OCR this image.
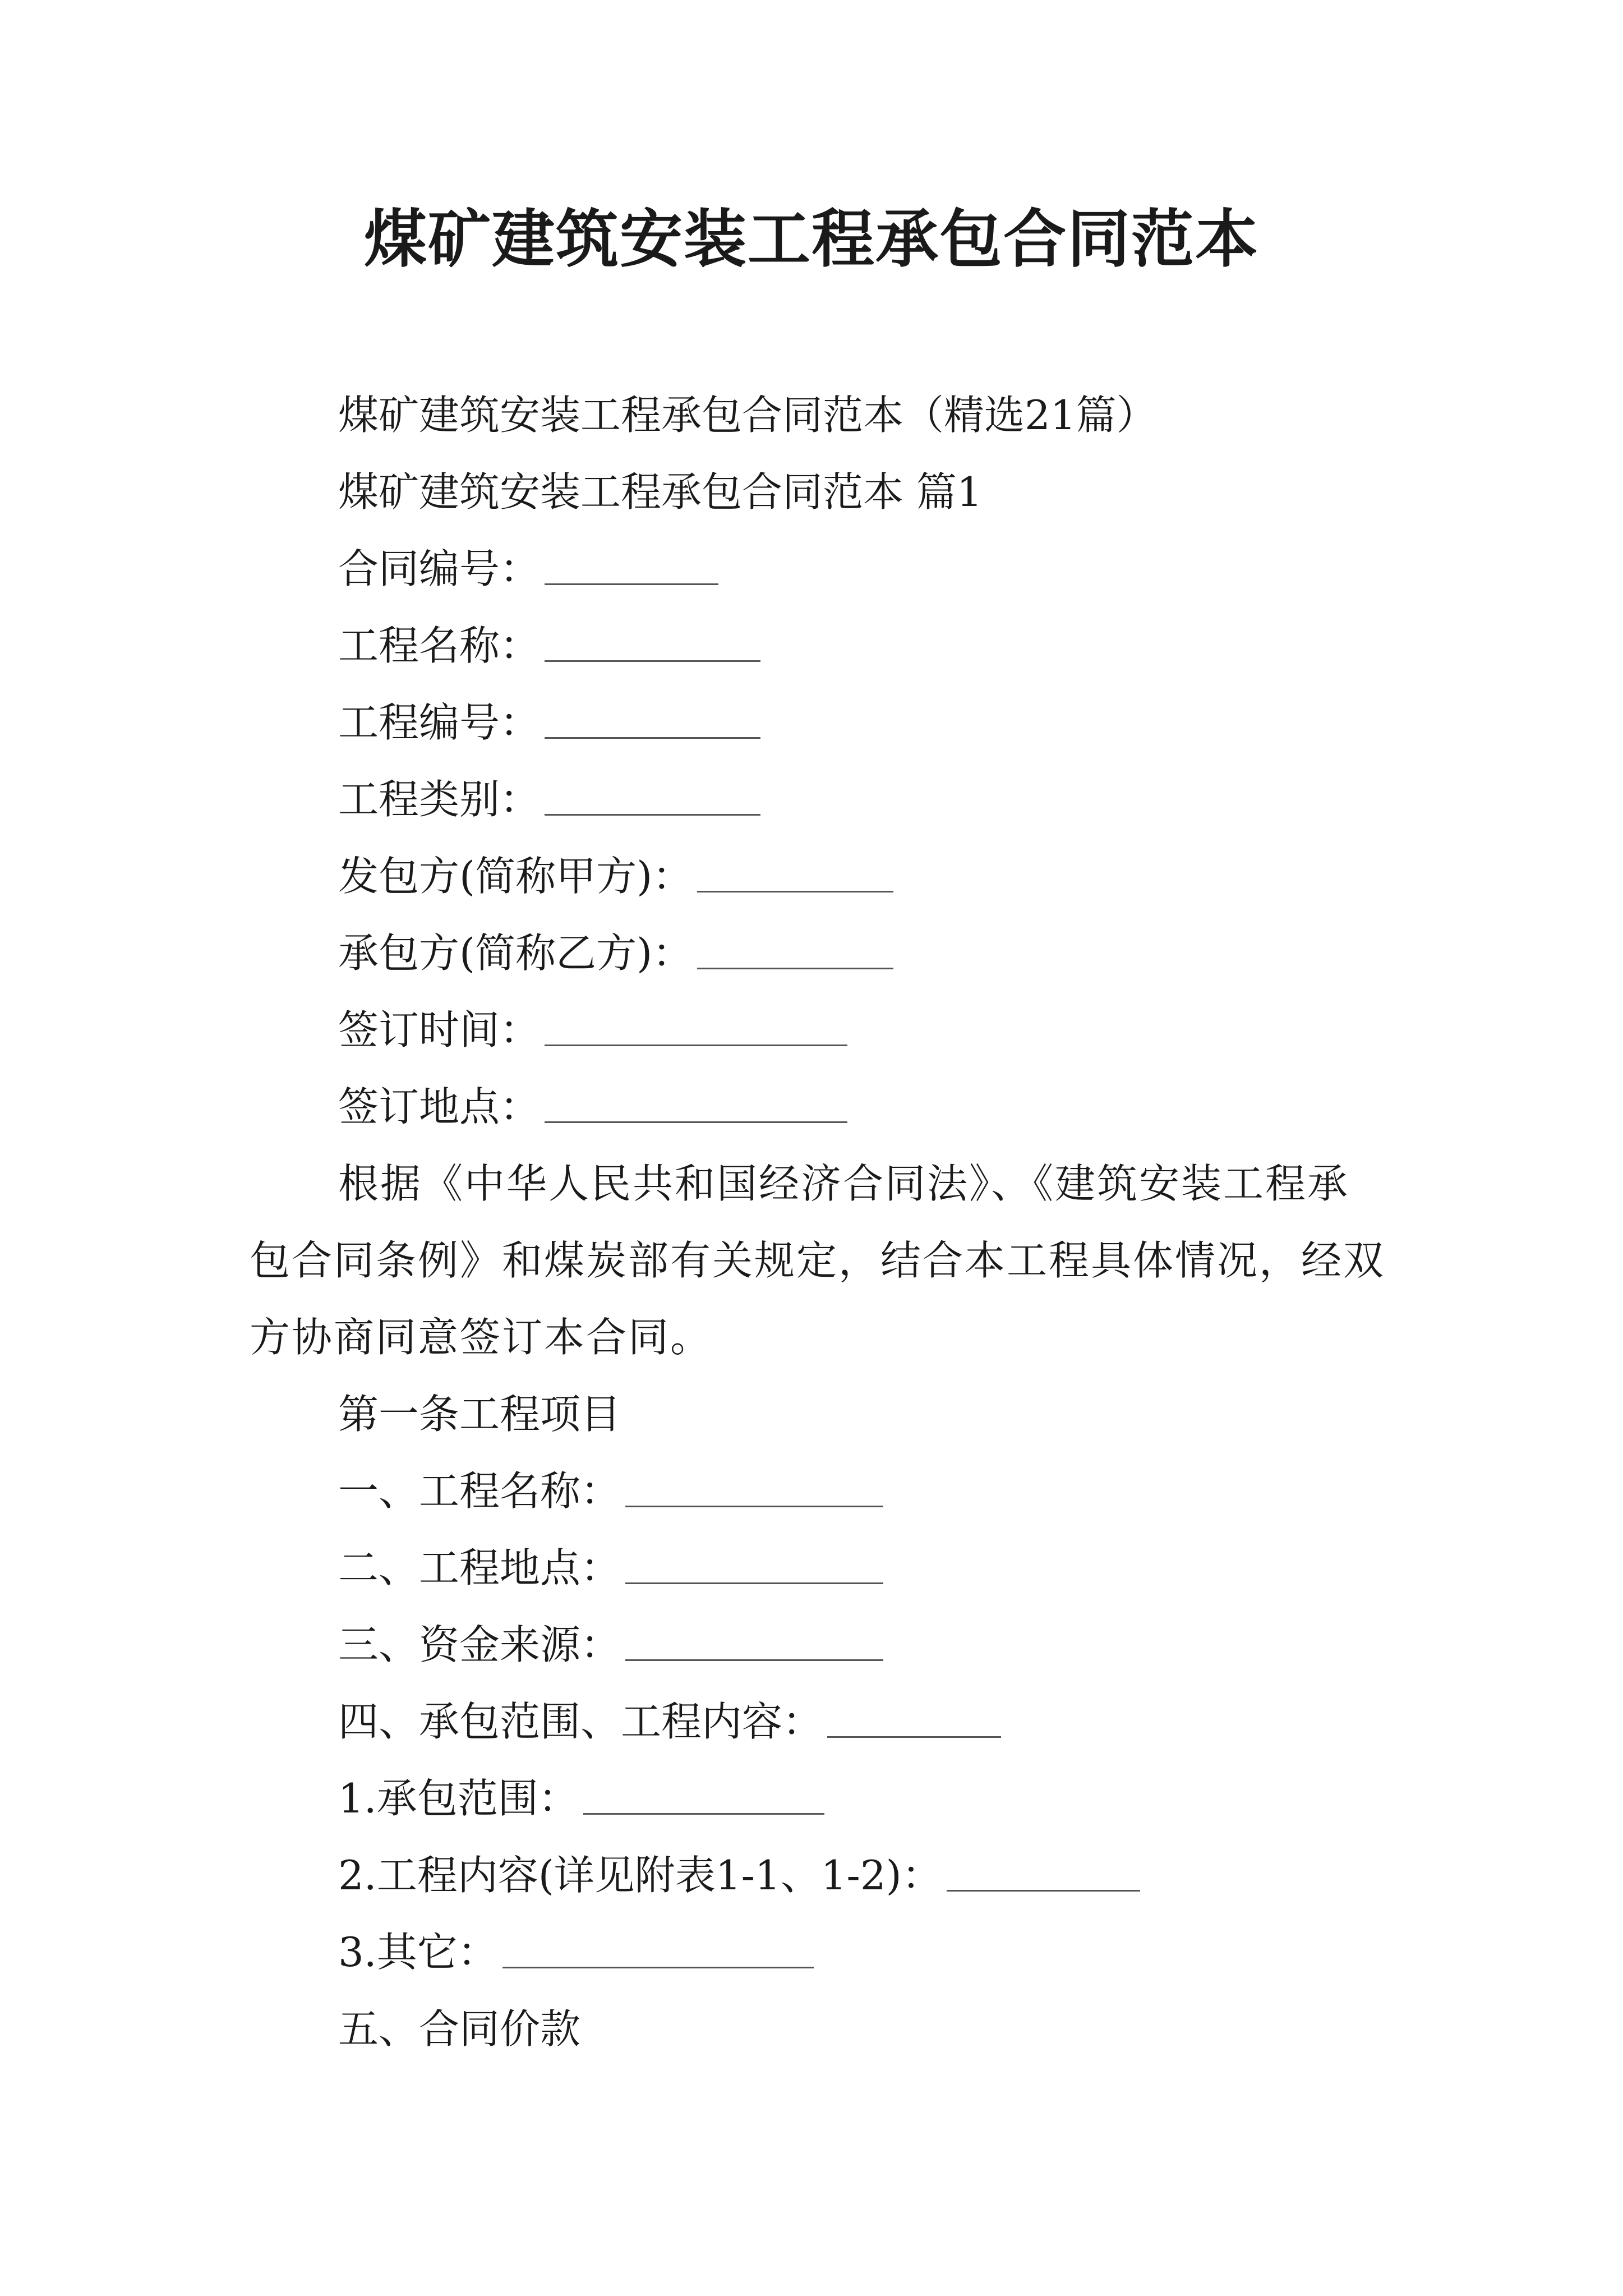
煤矿建筑安装工程承包合同范本
煤矿建筑安装工程承包合同范本（精选21篇）
煤矿建筑安装工程承包合同范本 篇1
合同编号：
工程名称：
工程编号：
工程类别：
发包方(简称甲方)：
承包方(简称乙方)：
签订时间：
签订地点：
根据《中华人民共和国经济合同法》、《建筑安装工程承包合同条例》和煤炭部有关规定，结合本工程具体情况，经双方协商同意签订本合同。
第一条工程项目
一、工程名称：
二、工程地点：
三、资金来源：
四、承包范围、工程内容：
1.承包范围：
2.工程内容(详见附表1-1、1-2)：
3.其它：
五、合同价款
